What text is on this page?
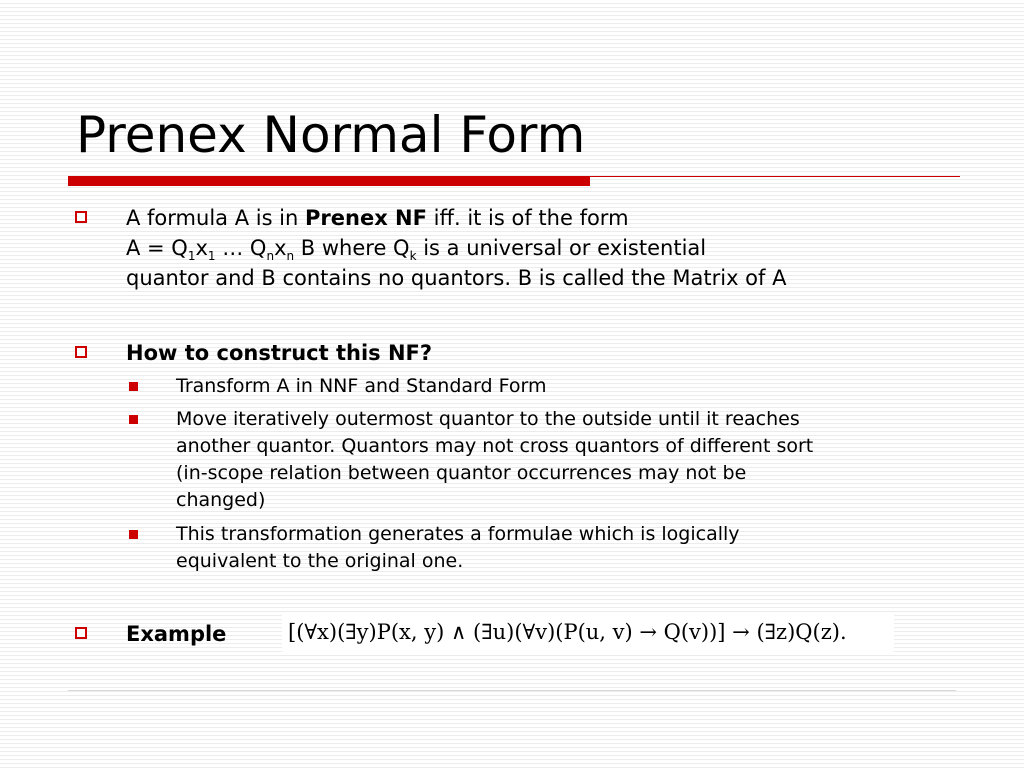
Prenex Normal Form
A formula A is in Prenex NF iff. it is of the form
$A = Q_1x_1$ … $Q_nx_n$ B where $Q_k$ is a universal or existential
quantor and B contains no quantors. B is called the Matrix of A
How to construct this NF?
Transform A in NNF and Standard Form
Move iteratively outermost quantor to the outside until it reaches
another quantor. Quantors may not cross quantors of different sort
(in-scope relation between quantor occurrences may not be
changed)
This transformation generates a formulae which is logically
equivalent to the original one.
Example	[(∀x)(∃y)P(x, y) ∧ (∃u)(∀v)(P(u, v) → Q(v))] → (∃z)Q(z).
